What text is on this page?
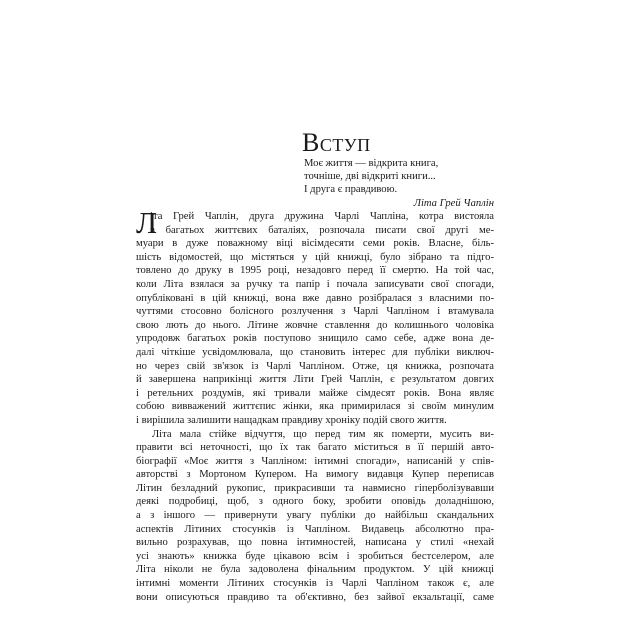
Вступ
Моє життя — відкрита книга,
точніше, дві відкриті книги...
І друга є правдивою.
Літа Грей Чаплін
Л
іта Грей Чаплін, друга дружина Чарлі Чапліна, котра вистояла
в багатьох життєвих баталіях, розпочала писати свої другі ме-
муари в дуже поважному віці вісімдесяти семи років. Власне, біль-
шість відомостей, що містяться у цій книжці, було зібрано та підго-
товлено до друку в 1995 році, незадовго перед її смертю. На той час,
коли Літа взялася за ручку та папір і почала записувати свої спогади,
опубліковані в цій книжці, вона вже давно розібралася з власними по-
чуттями стосовно болісного розлучення з Чарлі Чапліном і втамувала
свою лють до нього. Літине жовчне ставлення до колишнього чоловіка
упродовж багатьох років поступово знищило само себе, адже вона де-
далі чіткіше усвідомлювала, що становить інтерес для публіки виключ-
но через свій зв'язок із Чарлі Чапліном. Отже, ця книжка, розпочата
й завершена наприкінці життя Літи Грей Чаплін, є результатом довгих
і ретельних роздумів, які тривали майже сімдесят років. Вона являє
собою вивважений життєпис жінки, яка примирилася зі своїм минулим
і вирішила залишити нащадкам правдиву хроніку подій свого життя.
Літа мала стійке відчуття, що перед тим як померти, мусить ви-
правити всі неточності, що їх так багато міститься в її першій авто-
біографії «Моє життя з Чапліном: інтимні спогади», написаній у спів-
авторстві з Мортоном Купером. На вимогу видавця Купер переписав
Літин безладний рукопис, прикрасивши та навмисно гіперболізувавши
деякі подробиці, щоб, з одного боку, зробити оповідь доладнішою,
а з іншого — привернути увагу публіки до найбільш скандальних
аспектів Літиних стосунків із Чапліном. Видавець абсолютно пра-
вильно розрахував, що повна інтимностей, написана у стилі «нехай
усі знають» книжка буде цікавою всім і зробиться бестселером, але
Літа ніколи не була задоволена фінальним продуктом. У цій книжці
інтимні моменти Літиних стосунків із Чарлі Чапліном також є, але
вони описуються правдиво та об'єктивно, без зайвої екзальтації, саме
